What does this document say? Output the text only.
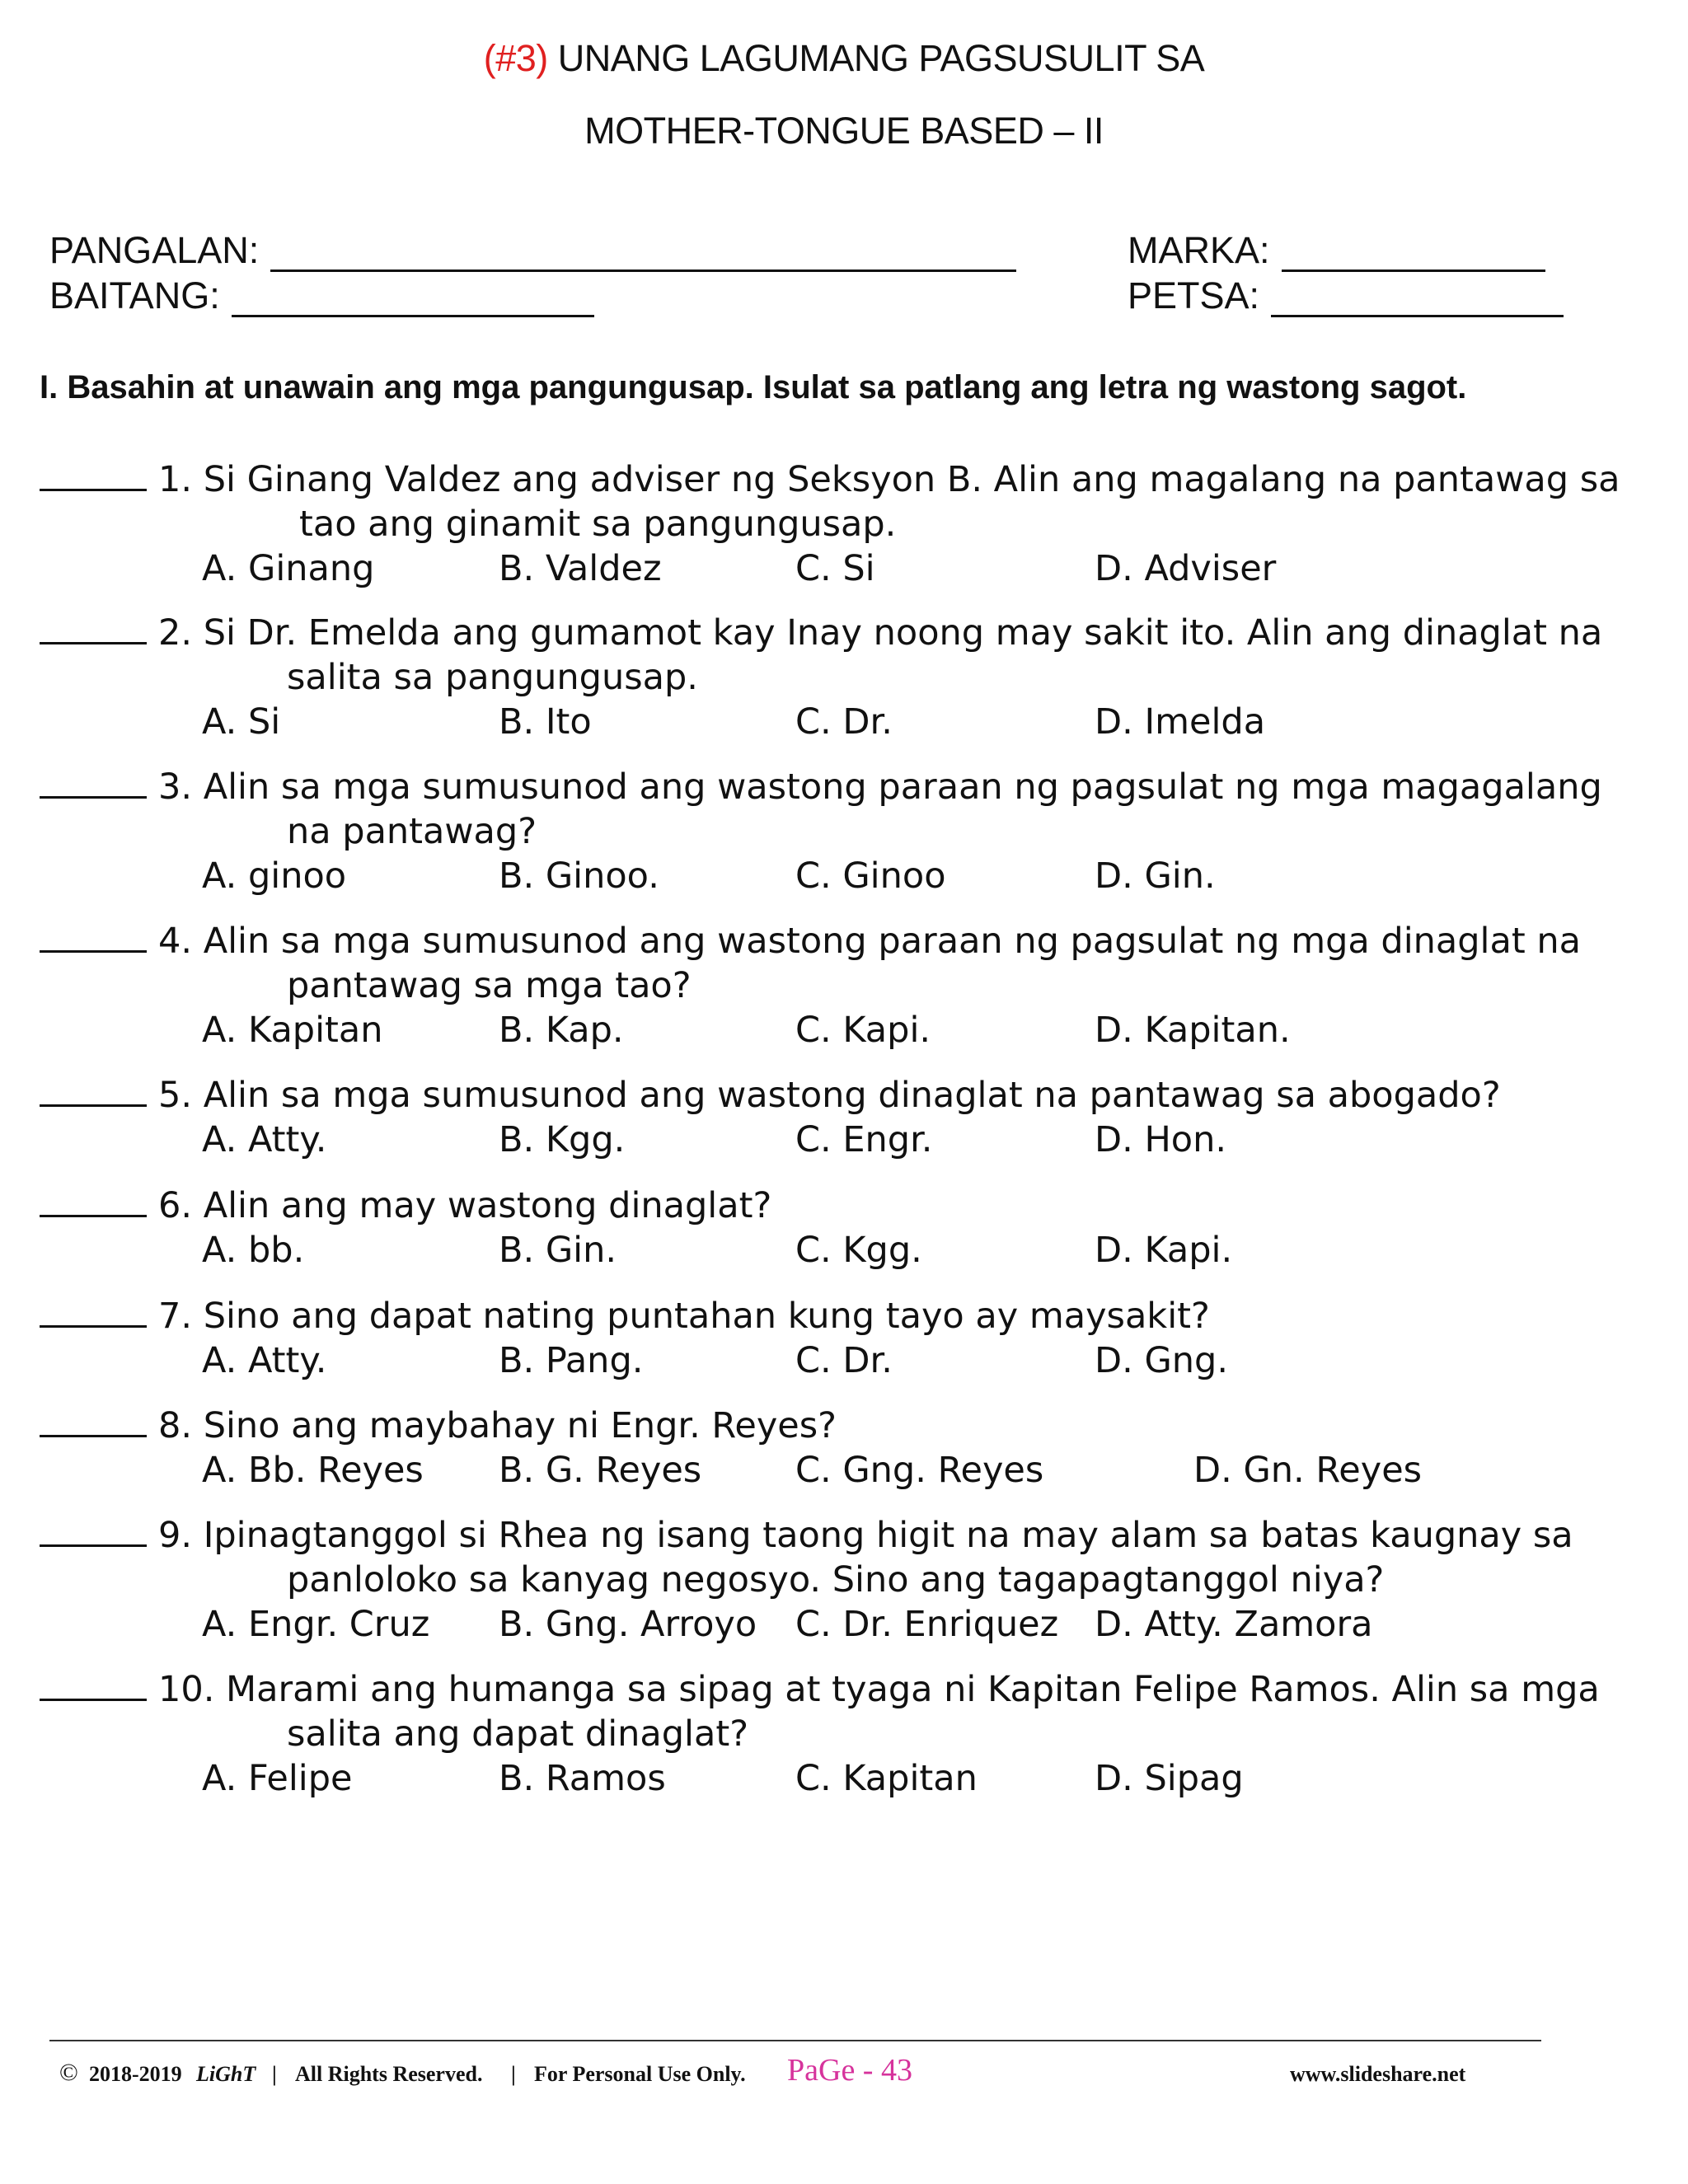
(#3) UNANG LAGUMANG PAGSUSULIT SA
MOTHER-TONGUE BASED – II
PANGALAN:
BAITANG:
MARKA:
PETSA:
I. Basahin at unawain ang mga pangungusap. Isulat sa patlang ang letra ng wastong sagot.
1. Si Ginang Valdez ang adviser ng Seksyon B. Alin ang magalang na pantawag sa
tao ang ginamit sa pangungusap.
A. Ginang	B. Valdez	C. Si	D. Adviser
2. Si Dr. Emelda ang gumamot kay Inay noong may sakit ito. Alin ang dinaglat na
salita sa pangungusap.
A. Si	B. Ito	C. Dr.	D. Imelda
3. Alin sa mga sumusunod ang wastong paraan ng pagsulat ng mga magagalang
na pantawag?
A. ginoo	B. Ginoo.	C. Ginoo	D. Gin.
4. Alin sa mga sumusunod ang wastong paraan ng pagsulat ng mga dinaglat na
pantawag sa mga tao?
A. Kapitan	B. Kap.	C. Kapi.	D. Kapitan.
5. Alin sa mga sumusunod ang wastong dinaglat na pantawag sa abogado?
A. Atty.	B. Kgg.	C. Engr.	D. Hon.
6. Alin ang may wastong dinaglat?
A. bb.	B. Gin.	C. Kgg.	D. Kapi.
7. Sino ang dapat nating puntahan kung tayo ay maysakit?
A. Atty.	B. Pang.	C. Dr.	D. Gng.
8. Sino ang maybahay ni Engr. Reyes?
A. Bb. Reyes B. G. Reyes	C. Gng. Reyes	D. Gn. Reyes
9. Ipinagtanggol si Rhea ng isang taong higit na may alam sa batas kaugnay sa
panloloko sa kanyag negosyo. Sino ang tagapagtanggol niya?
A. Engr. Cruz B. Gng. Arroyo C. Dr. Enriquez D. Atty. Zamora
10. Marami ang humanga sa sipag at tyaga ni Kapitan Felipe Ramos. Alin sa mga
salita ang dapat dinaglat?
A. Felipe	B. Ramos	C. Kapitan	D. Sipag
© 2018-2019 LiGhT | All Rights Reserved. | For Personal Use Only. PaGe - 43	www.slideshare.net
